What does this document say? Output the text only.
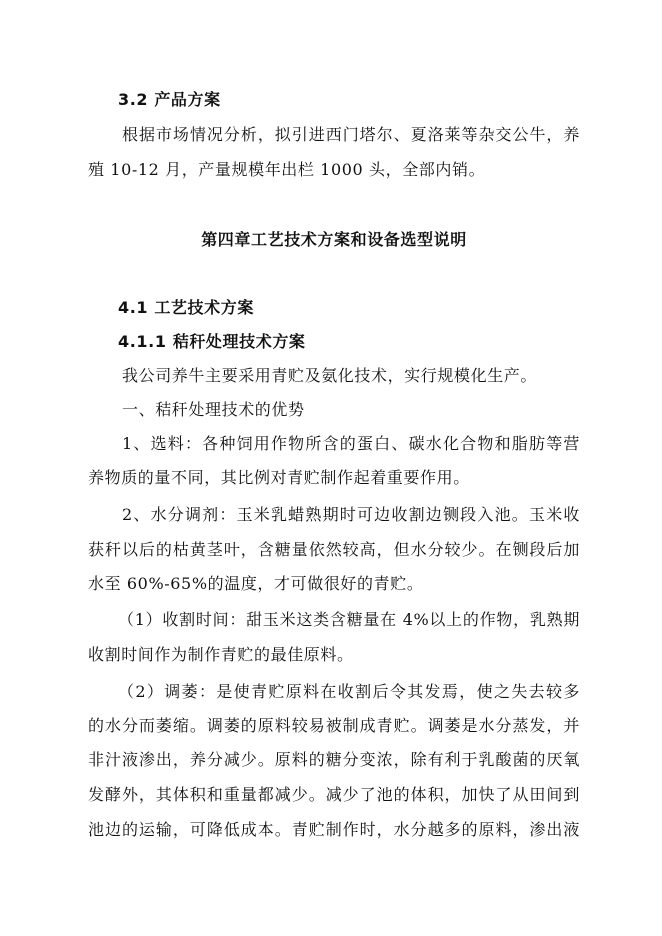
3.2 产品方案
根据市场情况分析，拟引进西门塔尔、夏洛莱等杂交公牛，养
殖 10-12 月，产量规模年出栏 1000 头，全部内销。
第四章工艺技术方案和设备选型说明
4.1 工艺技术方案
4.1.1 秸秆处理技术方案
我公司养牛主要采用青贮及氨化技术，实行规模化生产。
一、秸秆处理技术的优势
1、选料：各种饲用作物所含的蛋白、碳水化合物和脂肪等营
养物质的量不同，其比例对青贮制作起着重要作用。
2、水分调剂：玉米乳蜡熟期时可边收割边铡段入池。玉米收
获秆以后的枯黄茎叶，含糖量依然较高，但水分较少。在铡段后加
水至 60%-65%的温度，才可做很好的青贮。
（1）收割时间：甜玉米这类含糖量在 4%以上的作物，乳熟期
收割时间作为制作青贮的最佳原料。
（2）调萎：是使青贮原料在收割后令其发焉，使之失去较多
的水分而萎缩。调萎的原料较易被制成青贮。调萎是水分蒸发，并
非汁液渗出，养分减少。原料的糖分变浓，除有利于乳酸菌的厌氧
发酵外，其体积和重量都减少。减少了池的体积，加快了从田间到
池边的运输，可降低成本。青贮制作时，水分越多的原料，渗出液
